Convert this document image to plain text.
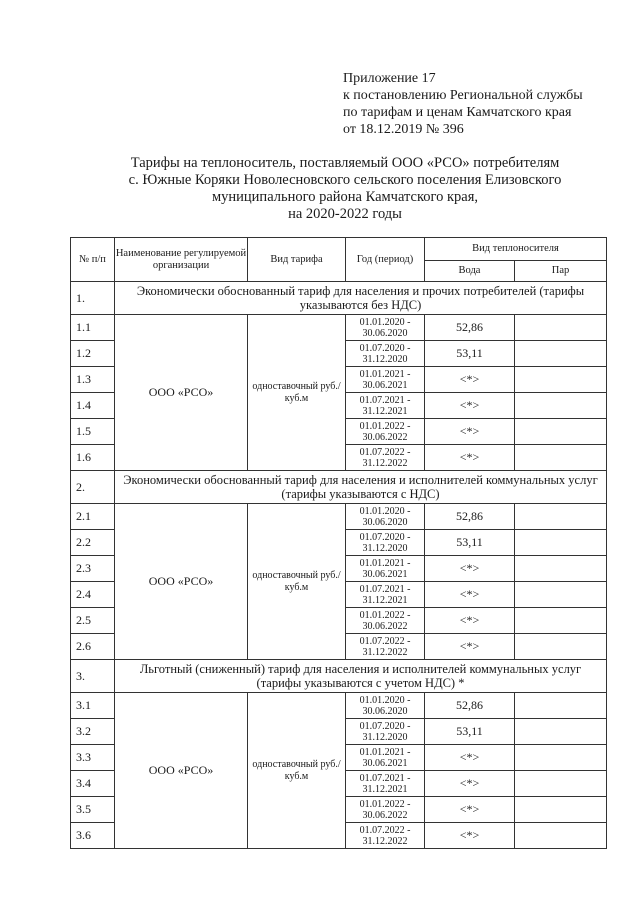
Приложение 17
к постановлению Региональной службы
по тарифам и ценам Камчатского края
от 18.12.2019 № 396
Тарифы на теплоноситель, поставляемый ООО «РСО» потребителям
с. Южные Коряки Новолесновского сельского поселения Елизовского
муниципального района Камчатского края,
на 2020-2022 годы
№ п/п	Наименование регулируемой организации	Вид тарифа	Год (период)	Вид теплоносителя	
				Вода	Пар
1.	Экономически обоснованный тариф для населения и прочих потребителей (тарифы указываются без НДС)				
1.1	ООО «РСО»	одноставочный руб./куб.м	01.01.2020 - 30.06.2020	52,86	
1.2			01.07.2020 - 31.12.2020	53,11	
1.3			01.01.2021 - 30.06.2021	<*>	
1.4			01.07.2021 - 31.12.2021	<*>	
1.5			01.01.2022 - 30.06.2022	<*>	
1.6			01.07.2022 - 31.12.2022	<*>	
2.	Экономически обоснованный тариф для населения и исполнителей коммунальных услуг (тарифы указываются с НДС)				
2.1	ООО «РСО»	одноставочный руб./куб.м	01.01.2020 - 30.06.2020	52,86	
2.2			01.07.2020 - 31.12.2020	53,11	
2.3			01.01.2021 - 30.06.2021	<*>	
2.4			01.07.2021 - 31.12.2021	<*>	
2.5			01.01.2022 - 30.06.2022	<*>	
2.6			01.07.2022 - 31.12.2022	<*>	
3.	Льготный (сниженный) тариф для населения и исполнителей коммунальных услуг (тарифы указываются с учетом НДС) *				
3.1	ООО «РСО»	одноставочный руб./куб.м	01.01.2020 - 30.06.2020	52,86	
3.2			01.07.2020 - 31.12.2020	53,11	
3.3			01.01.2021 - 30.06.2021	<*>	
3.4			01.07.2021 - 31.12.2021	<*>	
3.5			01.01.2022 - 30.06.2022	<*>	
3.6			01.07.2022 - 31.12.2022	<*>	
